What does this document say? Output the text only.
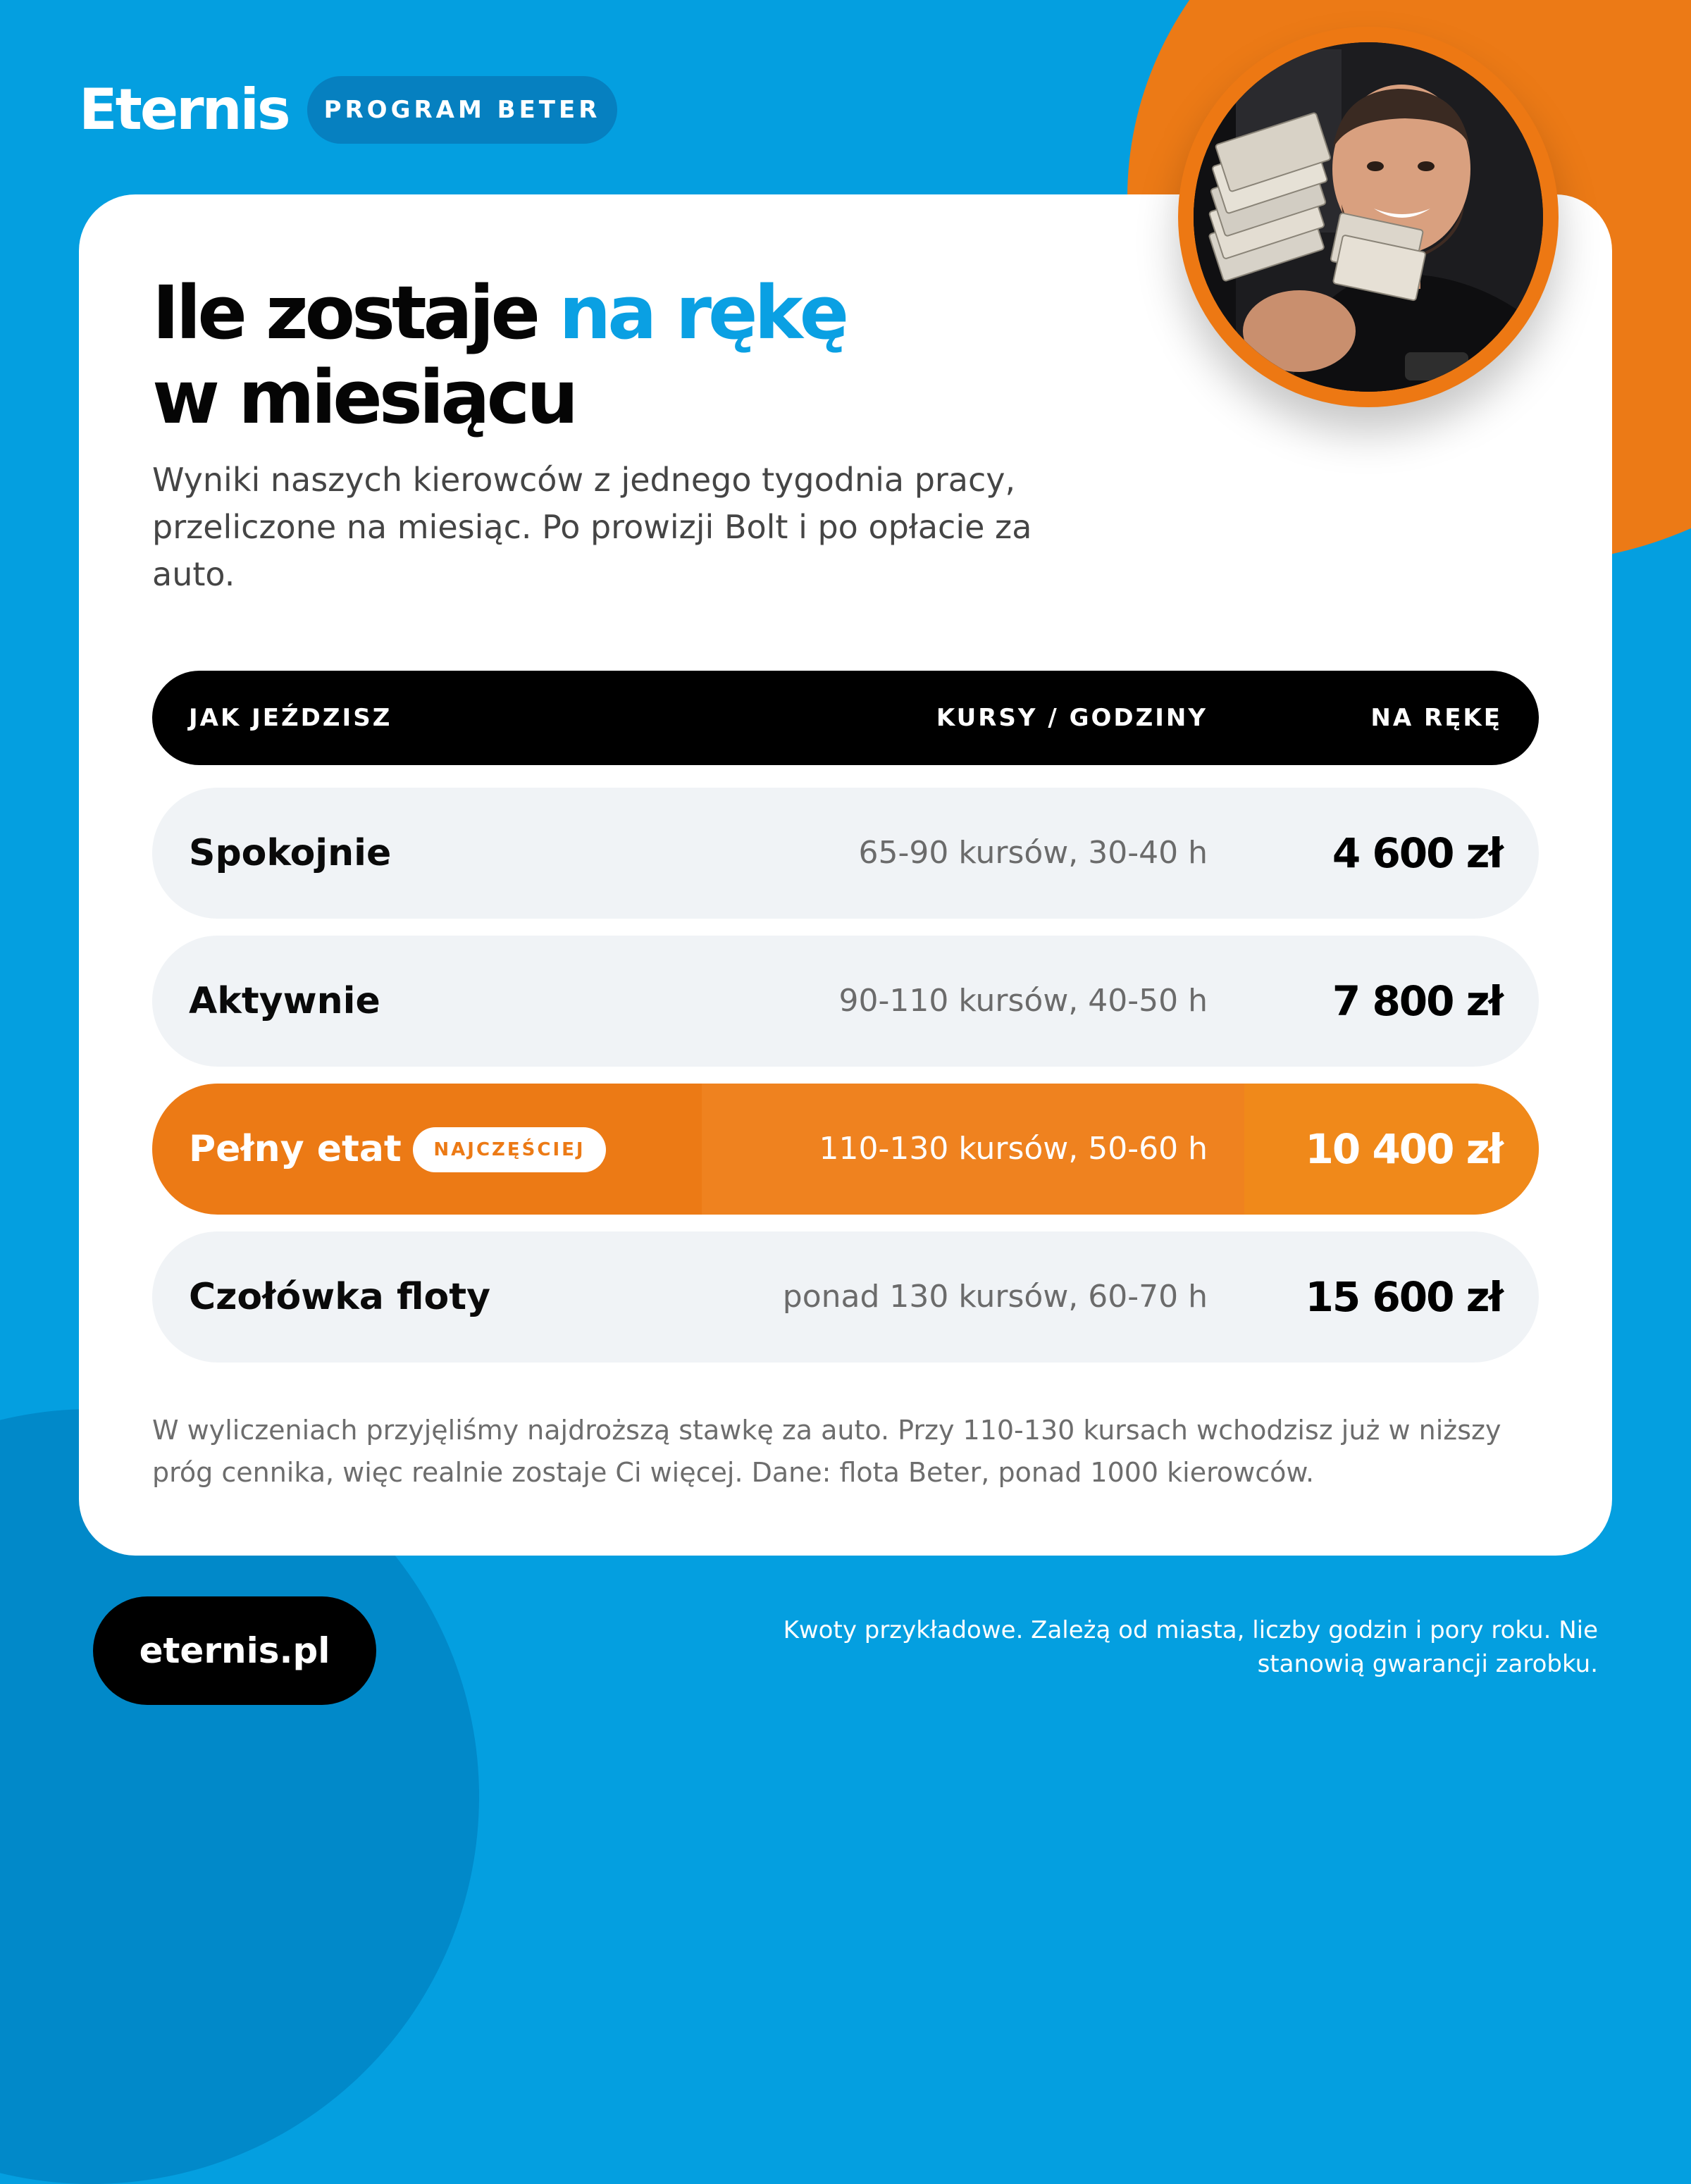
Eternis	PROGRAM BETER
Ile zostaje na rękę
w miesiącu

Wyniki naszych kierowców z jednego tygodnia pracy, przeliczone na miesiąc. Po prowizji Bolt i po opłacie za auto.

JAK JEŹDZISZ	KURSY / GODZINY	NA RĘKĘ
Spokojnie	65-90 kursów, 30-40 h	4 600 zł
Aktywnie	90-110 kursów, 40-50 h	7 800 zł
Pełny etat	NAJCZĘŚCIEJ	110-130 kursów, 50-60 h 10 400 zł
Czołówka floty	ponad 130 kursów, 60-70 h 15 600 zł

W wyliczeniach przyjęliśmy najdroższą stawkę za auto. Przy 110-130 kursach wchodzisz już w niższy próg cennika, więc realnie zostaje Ci więcej. Dane: flota Beter, ponad 1000 kierowców.

eternis.pl	Kwoty przykładowe. Zależą od miasta, liczby godzin i pory roku. Nie stanowią gwarancji zarobku.
